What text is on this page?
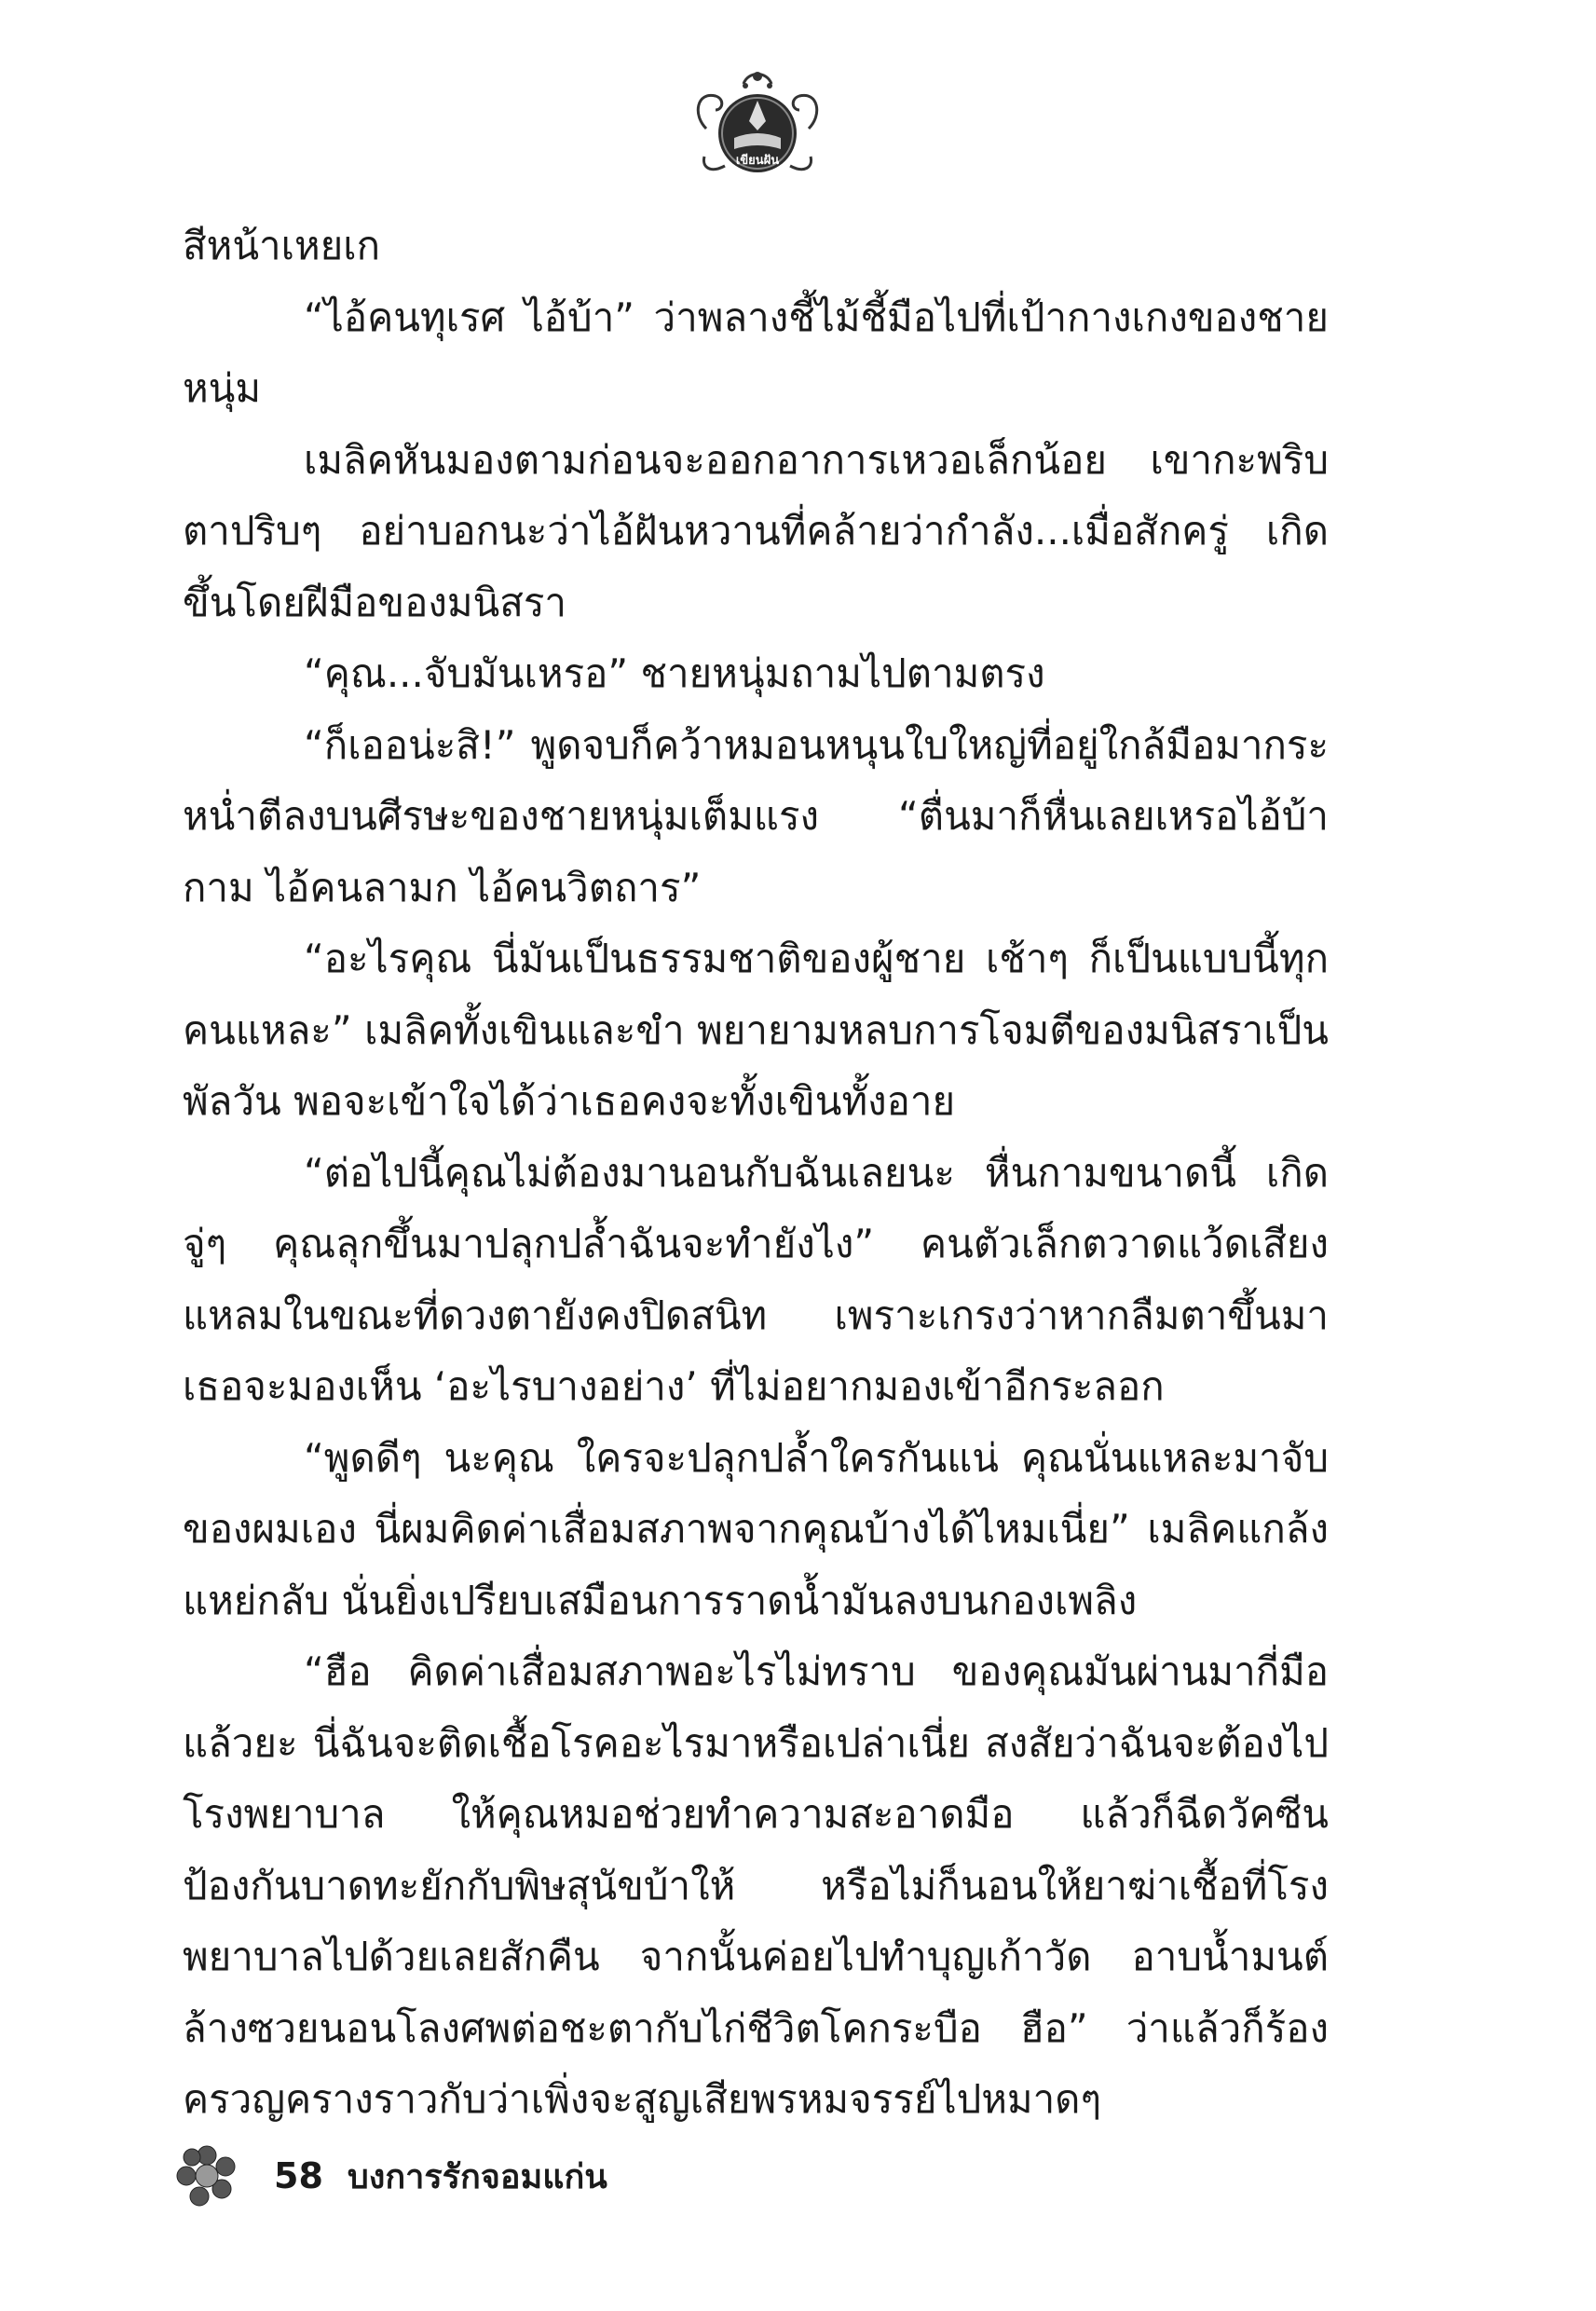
เขียนฝัน

สีหน้าเหยเก

“ไอ้คนทุเรศ ไอ้บ้า” ว่าพลางชี้ไม้ชี้มือไปที่เป้ากางเกงของชายหนุ่ม

เมลิคหันมองตามก่อนจะออกอาการเหวอเล็กน้อย เขากะพริบตาปริบๆ อย่าบอกนะว่าไอ้ฝันหวานที่คล้ายว่ากำลัง...เมื่อสักครู่ เกิดขึ้นโดยฝีมือของมนิสรา

“คุณ...จับมันเหรอ” ชายหนุ่มถามไปตามตรง

“ก็เออน่ะสิ!” พูดจบก็คว้าหมอนหนุนใบใหญ่ที่อยู่ใกล้มือมากระหน่ำตีลงบนศีรษะของชายหนุ่มเต็มแรง “ตื่นมาก็หื่นเลยเหรอไอ้บ้ากาม ไอ้คนลามก ไอ้คนวิตถาร”

“อะไรคุณ นี่มันเป็นธรรมชาติของผู้ชาย เช้าๆ ก็เป็นแบบนี้ทุกคนแหละ” เมลิคทั้งเขินและขำ พยายามหลบการโจมตีของมนิสราเป็นพัลวัน พอจะเข้าใจได้ว่าเธอคงจะทั้งเขินทั้งอาย

“ต่อไปนี้คุณไม่ต้องมานอนกับฉันเลยนะ หื่นกามขนาดนี้ เกิดจู่ๆ คุณลุกขึ้นมาปลุกปล้ำฉันจะทำยังไง” คนตัวเล็กตวาดแว้ดเสียงแหลมในขณะที่ดวงตายังคงปิดสนิท เพราะเกรงว่าหากลืมตาขึ้นมาเธอจะมองเห็น ‘อะไรบางอย่าง’ ที่ไม่อยากมองเข้าอีกระลอก

“พูดดีๆ นะคุณ ใครจะปลุกปล้ำใครกันแน่ คุณนั่นแหละมาจับของผมเอง นี่ผมคิดค่าเสื่อมสภาพจากคุณบ้างได้ไหมเนี่ย” เมลิคแกล้งแหย่กลับ นั่นยิ่งเปรียบเสมือนการราดน้ำมันลงบนกองเพลิง

“ฮือ คิดค่าเสื่อมสภาพอะไรไม่ทราบ ของคุณมันผ่านมากี่มือแล้วยะ นี่ฉันจะติดเชื้อโรคอะไรมาหรือเปล่าเนี่ย สงสัยว่าฉันจะต้องไปโรงพยาบาล ให้คุณหมอช่วยทำความสะอาดมือ แล้วก็ฉีดวัคซีนป้องกันบาดทะยักกับพิษสุนัขบ้าให้ หรือไม่ก็นอนให้ยาฆ่าเชื้อที่โรงพยาบาลไปด้วยเลยสักคืน จากนั้นค่อยไปทำบุญเก้าวัด อาบน้ำมนต์ล้างซวยนอนโลงศพต่อชะตากับไก่ชีวิตโคกระบือ ฮือ” ว่าแล้วก็ร้องครวญครางราวกับว่าเพิ่งจะสูญเสียพรหมจรรย์ไปหมาดๆ

58 บงการรักจอมแก่น
